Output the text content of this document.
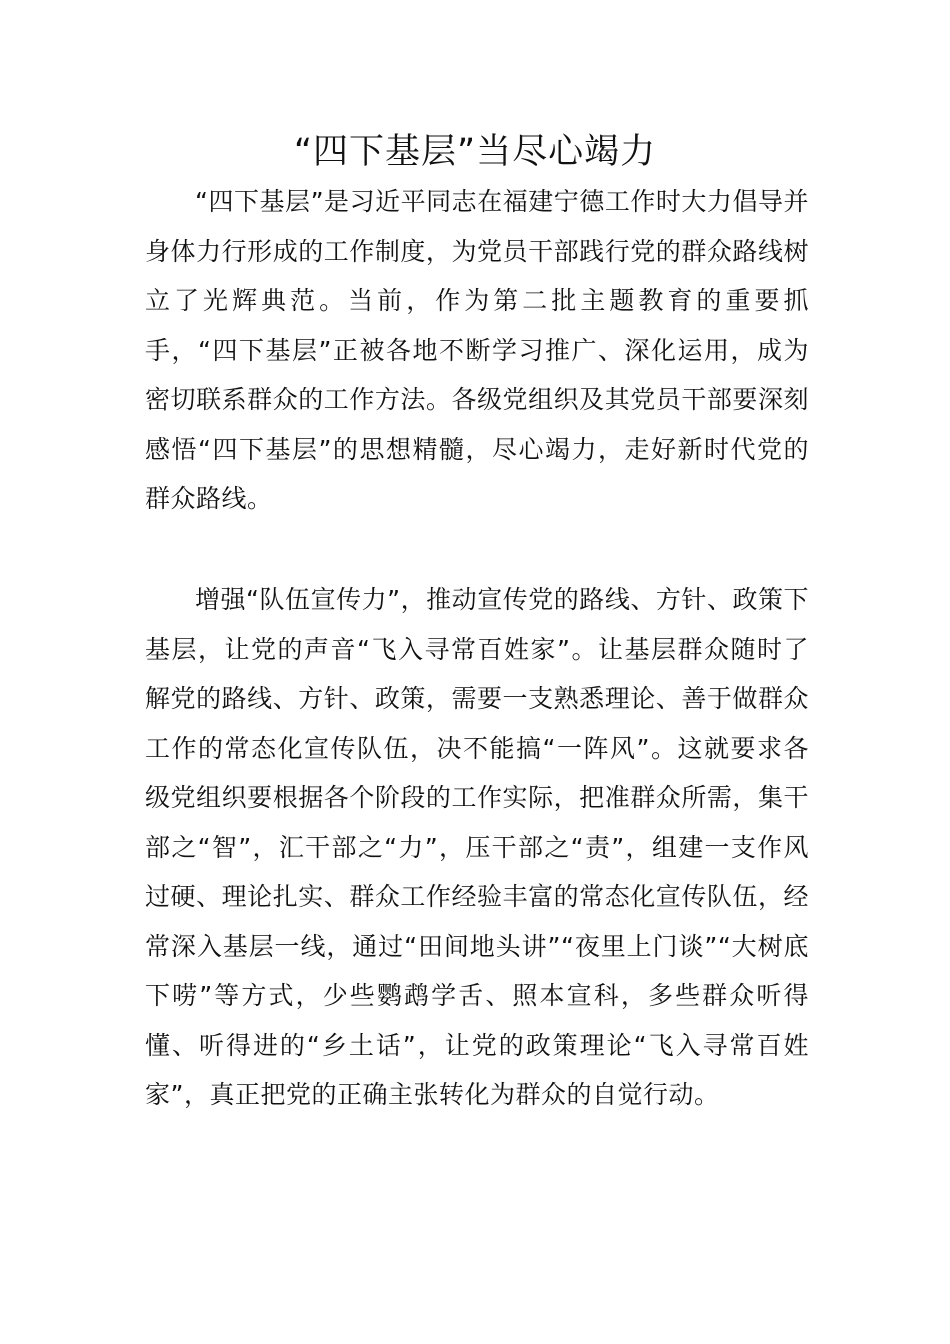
“四下基层”当尽心竭力

“四下基层”是习近平同志在福建宁德工作时大力倡导并身体力行形成的工作制度，为党员干部践行党的群众路线树立了光辉典范。当前，作为第二批主题教育的重要抓手，“四下基层”正被各地不断学习推广、深化运用，成为密切联系群众的工作方法。各级党组织及其党员干部要深刻感悟“四下基层”的思想精髓，尽心竭力，走好新时代党的群众路线。

增强“队伍宣传力”，推动宣传党的路线、方针、政策下基层，让党的声音“飞入寻常百姓家”。让基层群众随时了解党的路线、方针、政策，需要一支熟悉理论、善于做群众工作的常态化宣传队伍，决不能搞“一阵风”。这就要求各级党组织要根据各个阶段的工作实际，把准群众所需，集干部之“智”，汇干部之“力”，压干部之“责”，组建一支作风过硬、理论扎实、群众工作经验丰富的常态化宣传队伍，经常深入基层一线，通过“田间地头讲”“夜里上门谈”“大树底下唠”等方式，少些鹦鹉学舌、照本宣科，多些群众听得懂、听得进的“乡土话”，让党的政策理论“飞入寻常百姓家”，真正把党的正确主张转化为群众的自觉行动。
